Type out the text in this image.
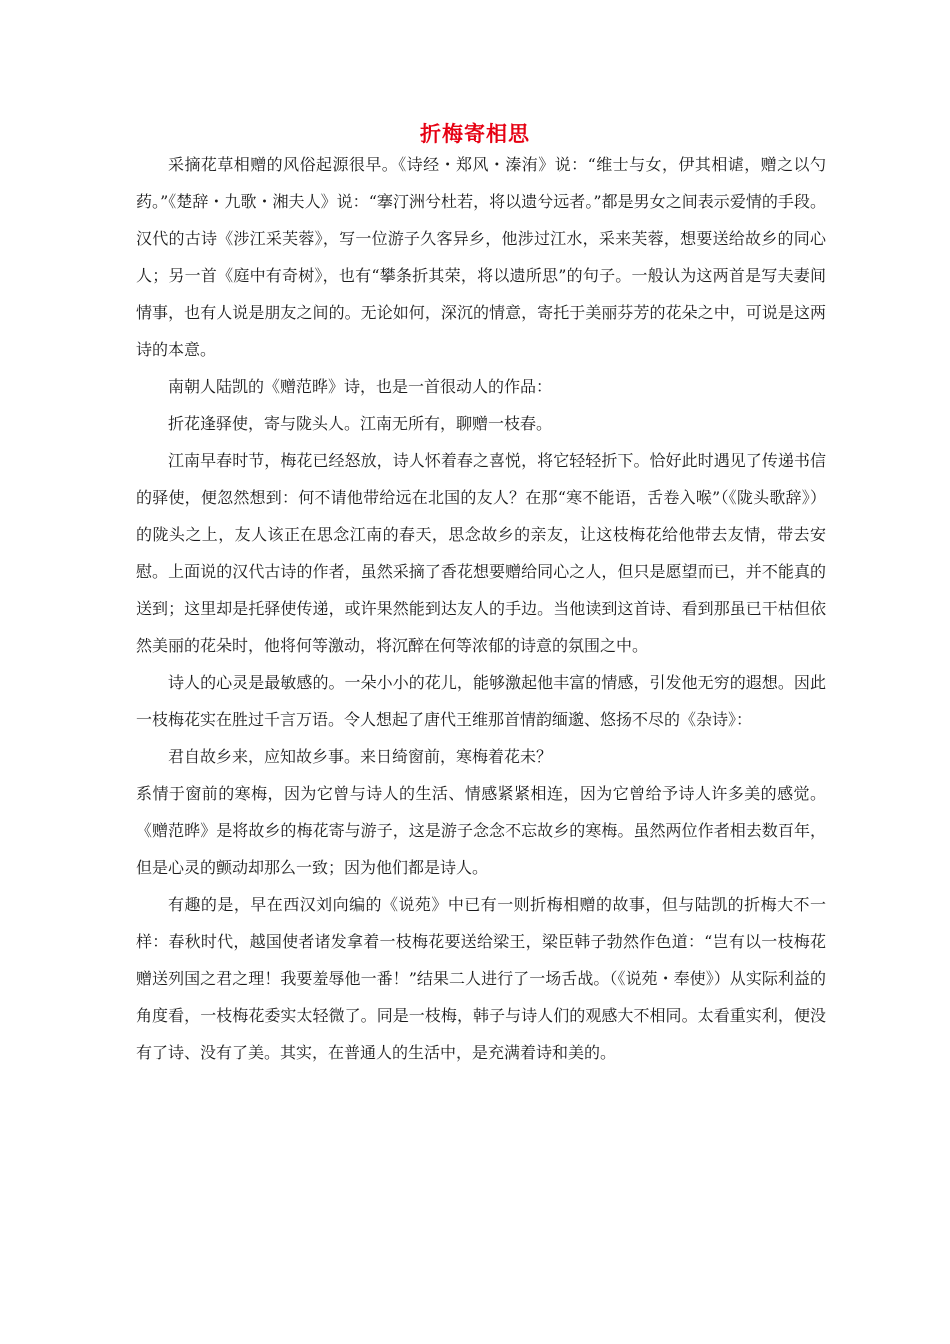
折梅寄相思

采摘花草相赠的风俗起源很早。《诗经・郑风・溱洧》说：“维士与女，伊其相谑，赠之以勺药。”《楚辞・九歌・湘夫人》说：“搴汀洲兮杜若，将以遗兮远者。”都是男女之间表示爱情的手段。汉代的古诗《涉江采芙蓉》，写一位游子久客异乡，他涉过江水，采来芙蓉，想要送给故乡的同心人；另一首《庭中有奇树》，也有“攀条折其荣，将以遗所思”的句子。一般认为这两首是写夫妻间情事，也有人说是朋友之间的。无论如何，深沉的情意，寄托于美丽芬芳的花朵之中，可说是这两诗的本意。

南朝人陆凯的《赠范晔》诗，也是一首很动人的作品：

折花逢驿使，寄与陇头人。江南无所有，聊赠一枝春。

江南早春时节，梅花已经怒放，诗人怀着春之喜悦，将它轻轻折下。恰好此时遇见了传递书信的驿使，便忽然想到：何不请他带给远在北国的友人？在那“寒不能语，舌卷入喉”（《陇头歌辞》）的陇头之上，友人该正在思念江南的春天，思念故乡的亲友，让这枝梅花给他带去友情，带去安慰。上面说的汉代古诗的作者，虽然采摘了香花想要赠给同心之人，但只是愿望而已，并不能真的送到；这里却是托驿使传递，或许果然能到达友人的手边。当他读到这首诗、看到那虽已干枯但依然美丽的花朵时，他将何等激动，将沉醉在何等浓郁的诗意的氛围之中。

诗人的心灵是最敏感的。一朵小小的花儿，能够激起他丰富的情感，引发他无穷的遐想。因此一枝梅花实在胜过千言万语。令人想起了唐代王维那首情韵缅邈、悠扬不尽的《杂诗》：

君自故乡来，应知故乡事。来日绮窗前，寒梅着花未？

系情于窗前的寒梅，因为它曾与诗人的生活、情感紧紧相连，因为它曾给予诗人许多美的感觉。《赠范晔》是将故乡的梅花寄与游子，这是游子念念不忘故乡的寒梅。虽然两位作者相去数百年，但是心灵的颤动却那么一致；因为他们都是诗人。

有趣的是，早在西汉刘向编的《说苑》中已有一则折梅相赠的故事，但与陆凯的折梅大不一样：春秋时代，越国使者诸发拿着一枝梅花要送给梁王，梁臣韩子勃然作色道：“岂有以一枝梅花赠送列国之君之理！我要羞辱他一番！”结果二人进行了一场舌战。（《说苑・奉使》）从实际利益的角度看，一枝梅花委实太轻微了。同是一枝梅，韩子与诗人们的观感大不相同。太看重实利，便没有了诗、没有了美。其实，在普通人的生活中，是充满着诗和美的。
